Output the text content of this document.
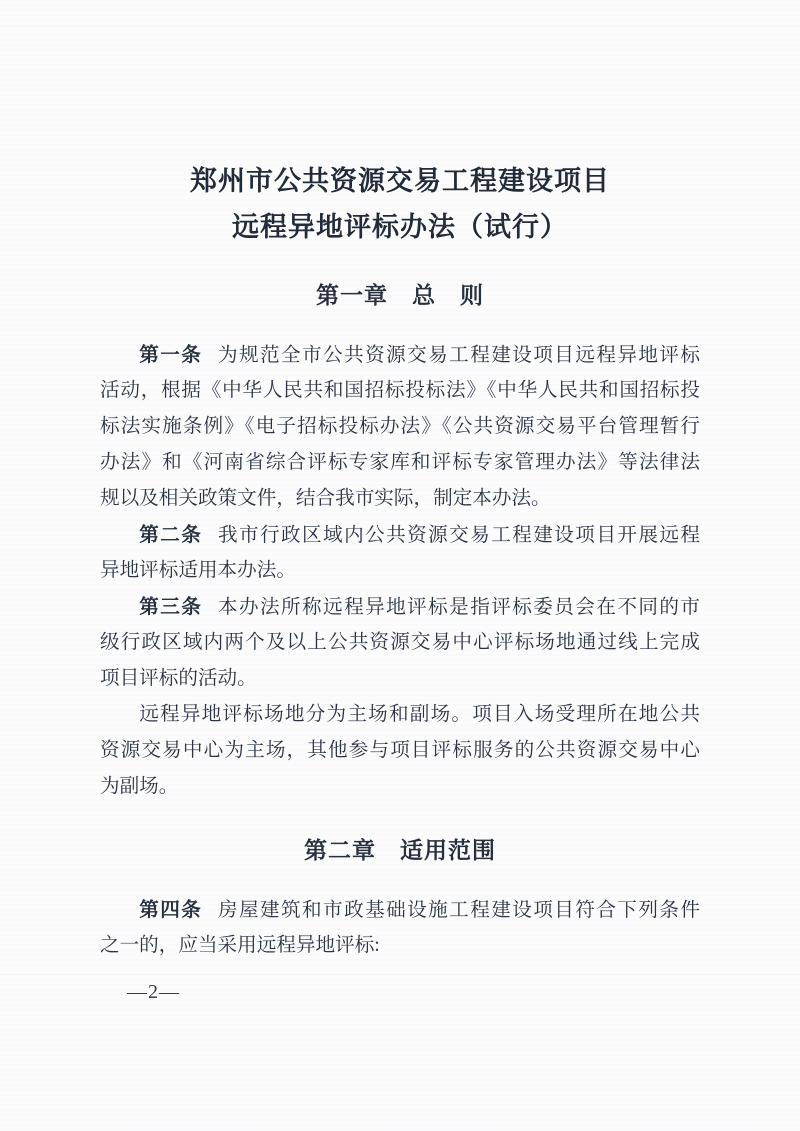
郑州市公共资源交易工程建设项目
远程异地评标办法（试行）
第一章　总　则
第一条 为规范全市公共资源交易工程建设项目远程异地评标
活动，根据《中华人民共和国招标投标法》《中华人民共和国招标投
标法实施条例》《电子招标投标办法》《公共资源交易平台管理暂行
办法》和《河南省综合评标专家库和评标专家管理办法》等法律法
规以及相关政策文件，结合我市实际，制定本办法。
第二条 我市行政区域内公共资源交易工程建设项目开展远程
异地评标适用本办法。
第三条 本办法所称远程异地评标是指评标委员会在不同的市
级行政区域内两个及以上公共资源交易中心评标场地通过线上完成
项目评标的活动。
远程异地评标场地分为主场和副场。项目入场受理所在地公共
资源交易中心为主场，其他参与项目评标服务的公共资源交易中心
为副场。
第二章　适用范围
第四条 房屋建筑和市政基础设施工程建设项目符合下列条件
之一的，应当采用远程异地评标:
—2—
